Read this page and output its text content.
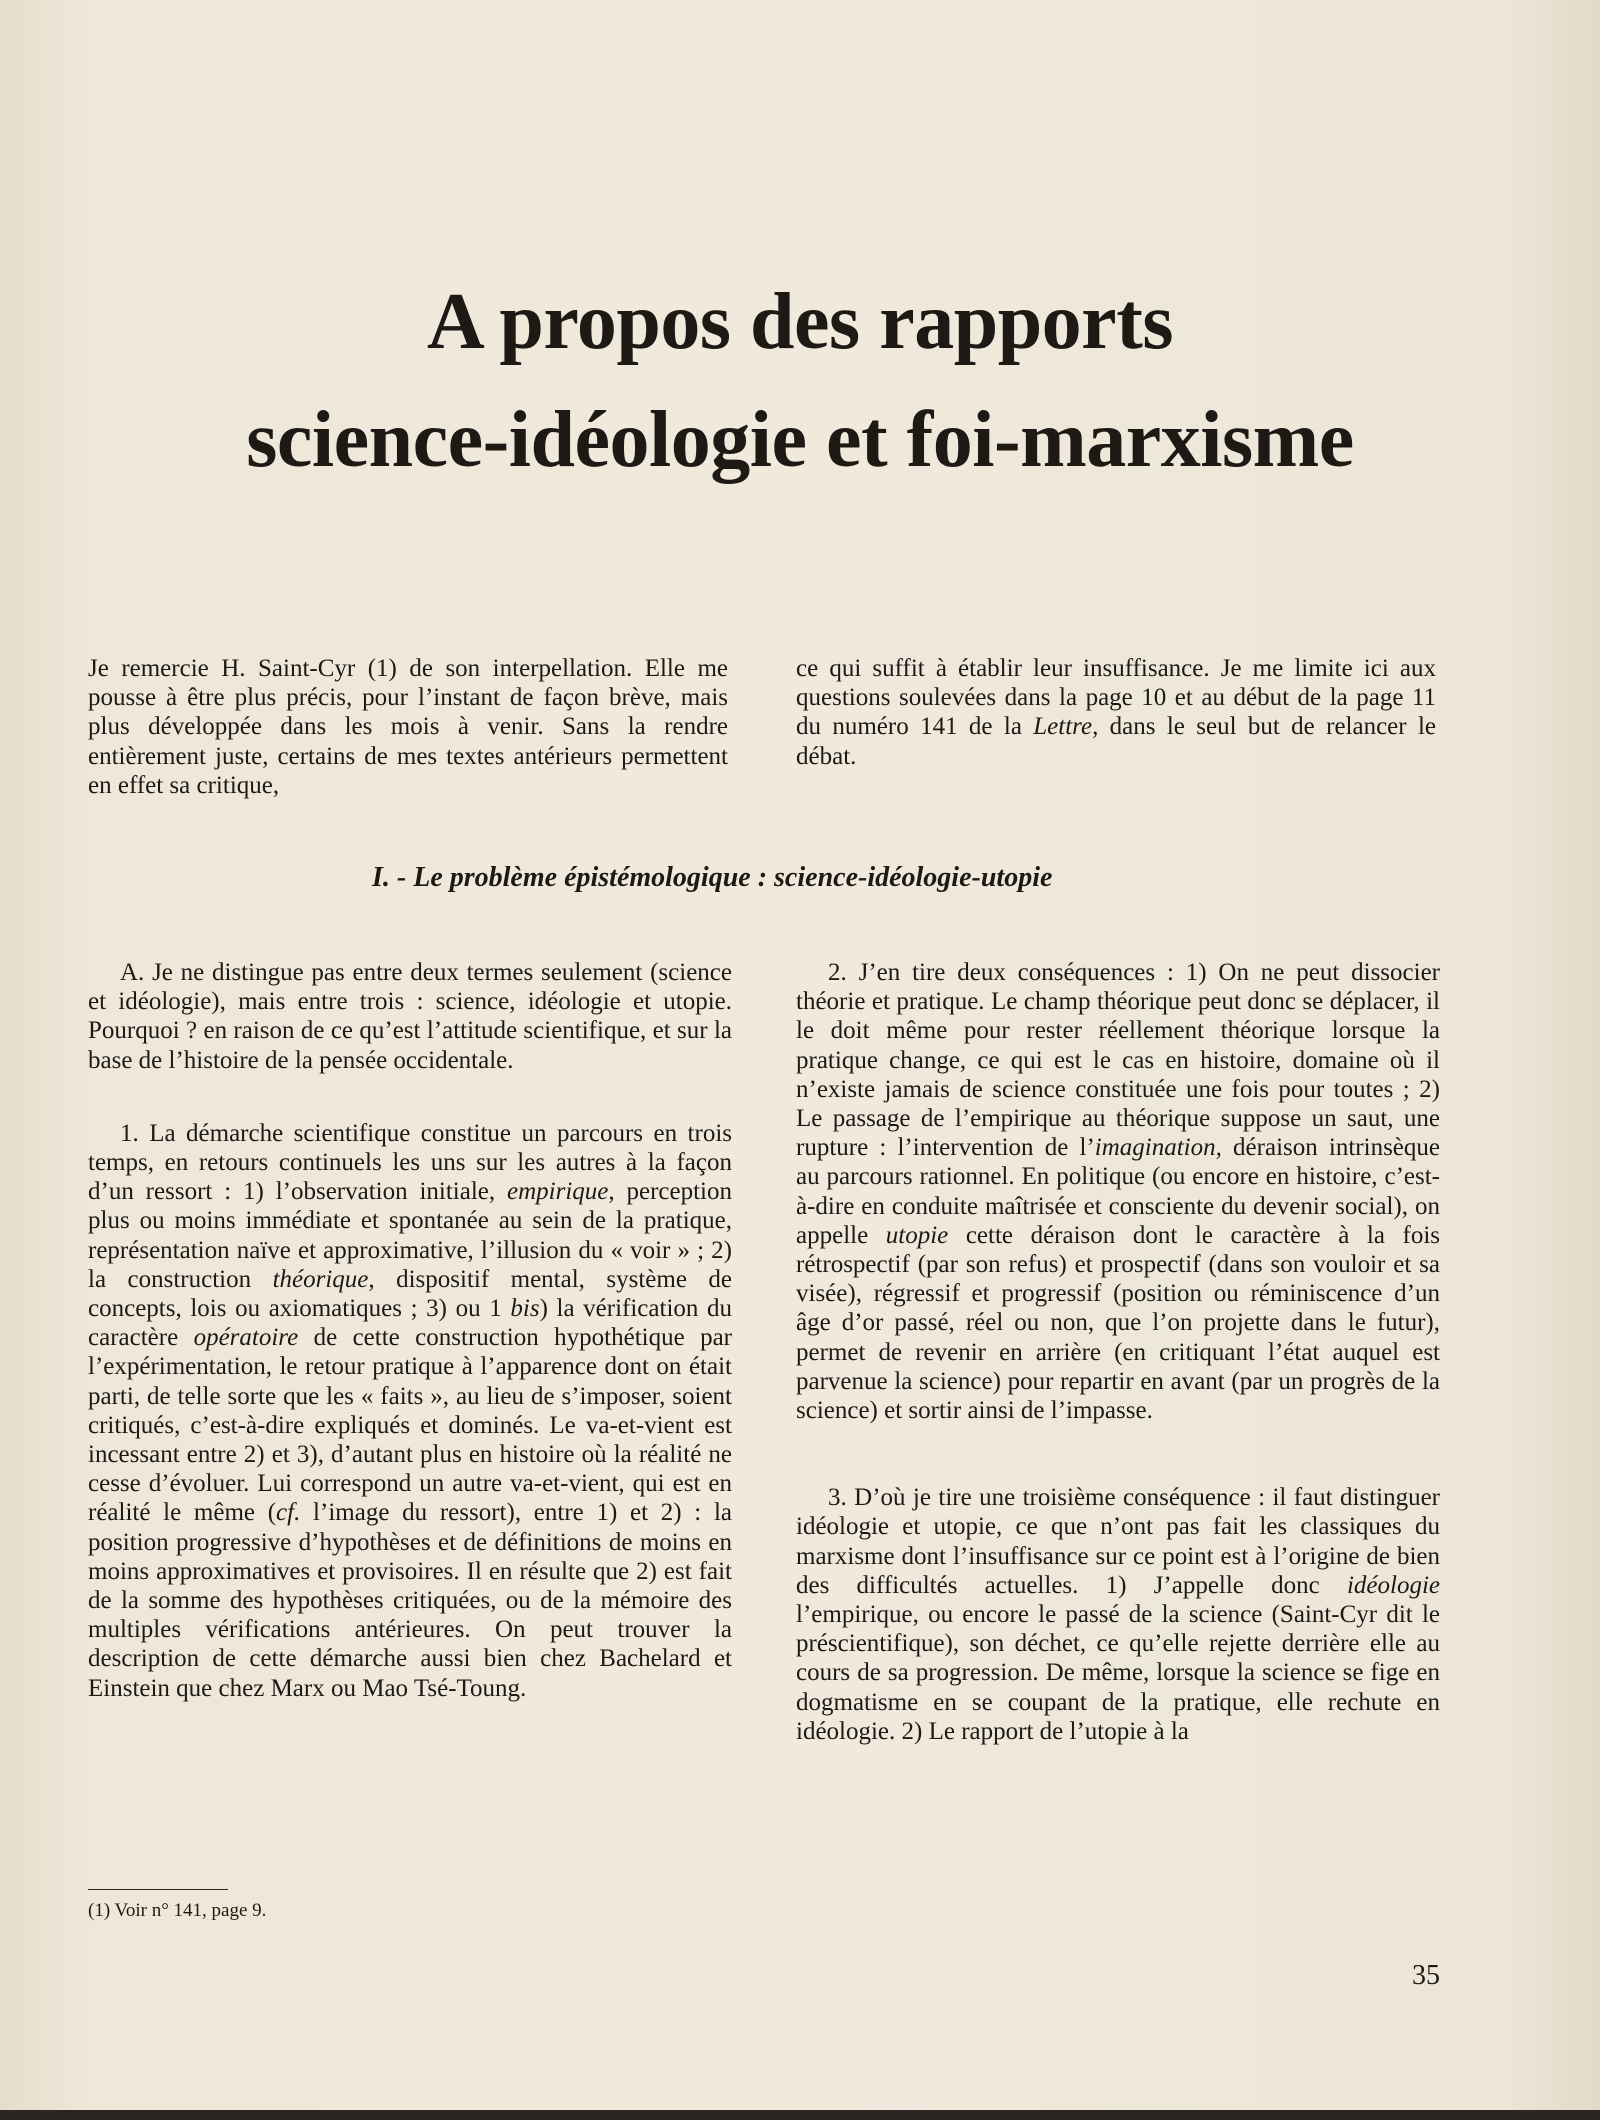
A propos des rapports
science-idéologie et foi-marxisme

Je remercie H. Saint-Cyr (1) de son interpellation. Elle me pousse à être plus précis, pour l’instant de façon brève, mais plus développée dans les mois à venir. Sans la rendre entièrement juste, certains de mes textes antérieurs permettent en effet sa critique,

ce qui suffit à établir leur insuffisance. Je me limite ici aux questions soulevées dans la page 10 et au début de la page 11 du numéro 141 de la Lettre, dans le seul but de relancer le débat.

I. - Le problème épistémologique : science-idéologie-utopie

A. Je ne distingue pas entre deux termes seulement (science et idéologie), mais entre trois : science, idéologie et utopie. Pourquoi ? en raison de ce qu’est l’attitude scientifique, et sur la base de l’histoire de la pensée occidentale.

1. La démarche scientifique constitue un parcours en trois temps, en retours continuels les uns sur les autres à la façon d’un ressort : 1) l’observation initiale, empirique, perception plus ou moins immédiate et spontanée au sein de la pratique, représentation naïve et approximative, l’illusion du « voir » ; 2) la construction théorique, dispositif mental, système de concepts, lois ou axiomatiques ; 3) ou 1 bis) la vérification du caractère opératoire de cette construction hypothétique par l’expérimentation, le retour pratique à l’apparence dont on était parti, de telle sorte que les « faits », au lieu de s’imposer, soient critiqués, c’est-à-dire expliqués et dominés. Le va-et-vient est incessant entre 2) et 3), d’autant plus en histoire où la réalité ne cesse d’évoluer. Lui correspond un autre va-et-vient, qui est en réalité le même (cf. l’image du ressort), entre 1) et 2) : la position progressive d’hypothèses et de définitions de moins en moins approximatives et provisoires. Il en résulte que 2) est fait de la somme des hypothèses critiquées, ou de la mémoire des multiples vérifications antérieures. On peut trouver la description de cette démarche aussi bien chez Bachelard et Einstein que chez Marx ou Mao Tsé-Toung.

2. J’en tire deux conséquences : 1) On ne peut dissocier théorie et pratique. Le champ théorique peut donc se déplacer, il le doit même pour rester réellement théorique lorsque la pratique change, ce qui est le cas en histoire, domaine où il n’existe jamais de science constituée une fois pour toutes ; 2) Le passage de l’empirique au théorique suppose un saut, une rupture : l’intervention de l’imagination, déraison intrinsèque au parcours rationnel. En politique (ou encore en histoire, c’est-à-dire en conduite maîtrisée et consciente du devenir social), on appelle utopie cette déraison dont le caractère à la fois rétrospectif (par son refus) et prospectif (dans son vouloir et sa visée), régressif et progressif (position ou réminiscence d’un âge d’or passé, réel ou non, que l’on projette dans le futur), permet de revenir en arrière (en critiquant l’état auquel est parvenue la science) pour repartir en avant (par un progrès de la science) et sortir ainsi de l’impasse.

3. D’où je tire une troisième conséquence : il faut distinguer idéologie et utopie, ce que n’ont pas fait les classiques du marxisme dont l’insuffisance sur ce point est à l’origine de bien des difficultés actuelles. 1) J’appelle donc idéologie l’empirique, ou encore le passé de la science (Saint-Cyr dit le préscientifique), son déchet, ce qu’elle rejette derrière elle au cours de sa progression. De même, lorsque la science se fige en dogmatisme en se coupant de la pratique, elle rechute en idéologie. 2) Le rapport de l’utopie à la

(1) Voir n° 141, page 9.
35
